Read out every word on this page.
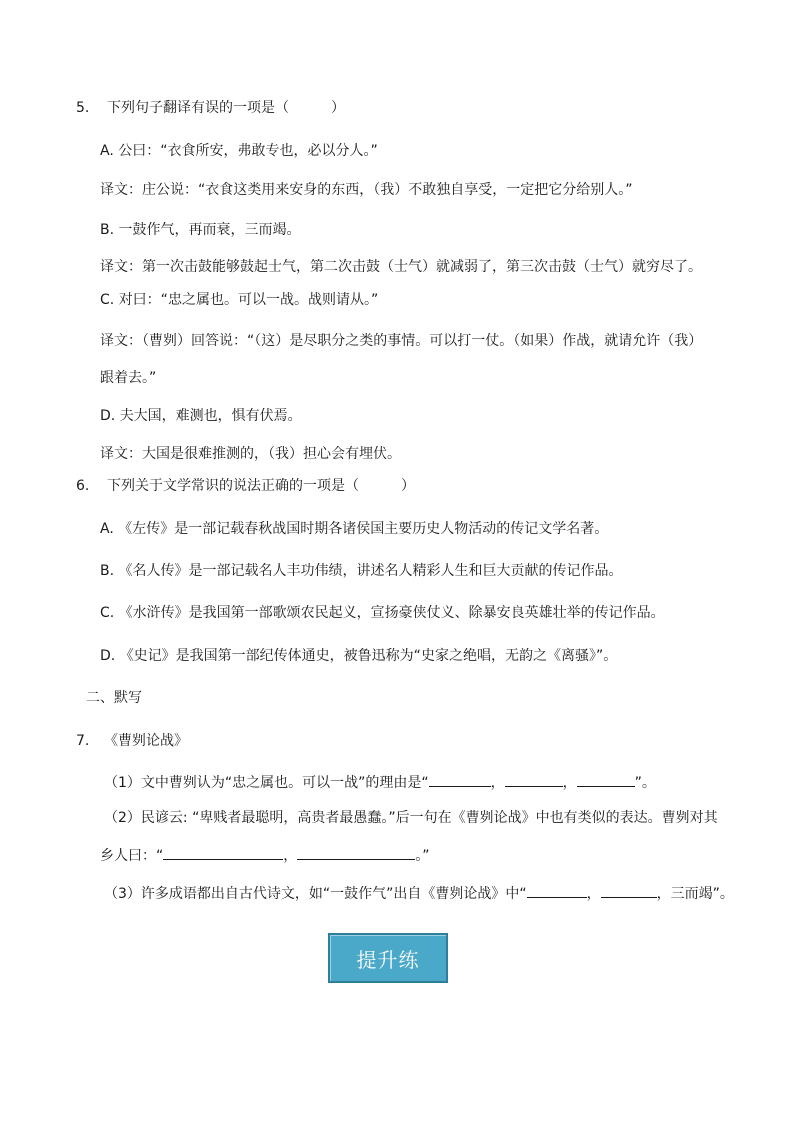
5. 下列句子翻译有误的一项是（　　　）
A. 公曰：“衣食所安，弗敢专也，必以分人。”
译文：庄公说：“衣食这类用来安身的东西，（我）不敢独自享受，一定把它分给别人。”
B. 一鼓作气，再而衰，三而竭。
译文：第一次击鼓能够鼓起士气，第二次击鼓（士气）就减弱了，第三次击鼓（士气）就穷尽了。
C. 对曰：“忠之属也。可以一战。战则请从。”
译文：（曹刿）回答说：“（这）是尽职分之类的事情。可以打一仗。（如果）作战，就请允许（我）
跟着去。”
D. 夫大国，难测也，惧有伏焉。
译文：大国是很难推测的，（我）担心会有埋伏。
6. 下列关于文学常识的说法正确的一项是（　　　）
A. 《左传》是一部记载春秋战国时期各诸侯国主要历史人物活动的传记文学名著。
B. 《名人传》是一部记载名人丰功伟绩，讲述名人精彩人生和巨大贡献的传记作品。
C. 《水浒传》是我国第一部歌颂农民起义，宣扬豪侠仗义、除暴安良英雄壮举的传记作品。
D. 《史记》是我国第一部纪传体通史，被鲁迅称为“史家之绝唱，无韵之《离骚》”。
二、默写
7. 《曹刿论战》
（1）文中曹刿认为“忠之属也。可以一战”的理由是“	，	，	”。
（2）民谚云: “卑贱者最聪明，高贵者最愚蠢。”后一句在《曹刿论战》中也有类似的表达。曹刿对其
乡人曰：“	，	。”
（3）许多成语都出自古代诗文，如“一鼓作气”出自《曹刿论战》中“	，	，三而竭”。
提升练
